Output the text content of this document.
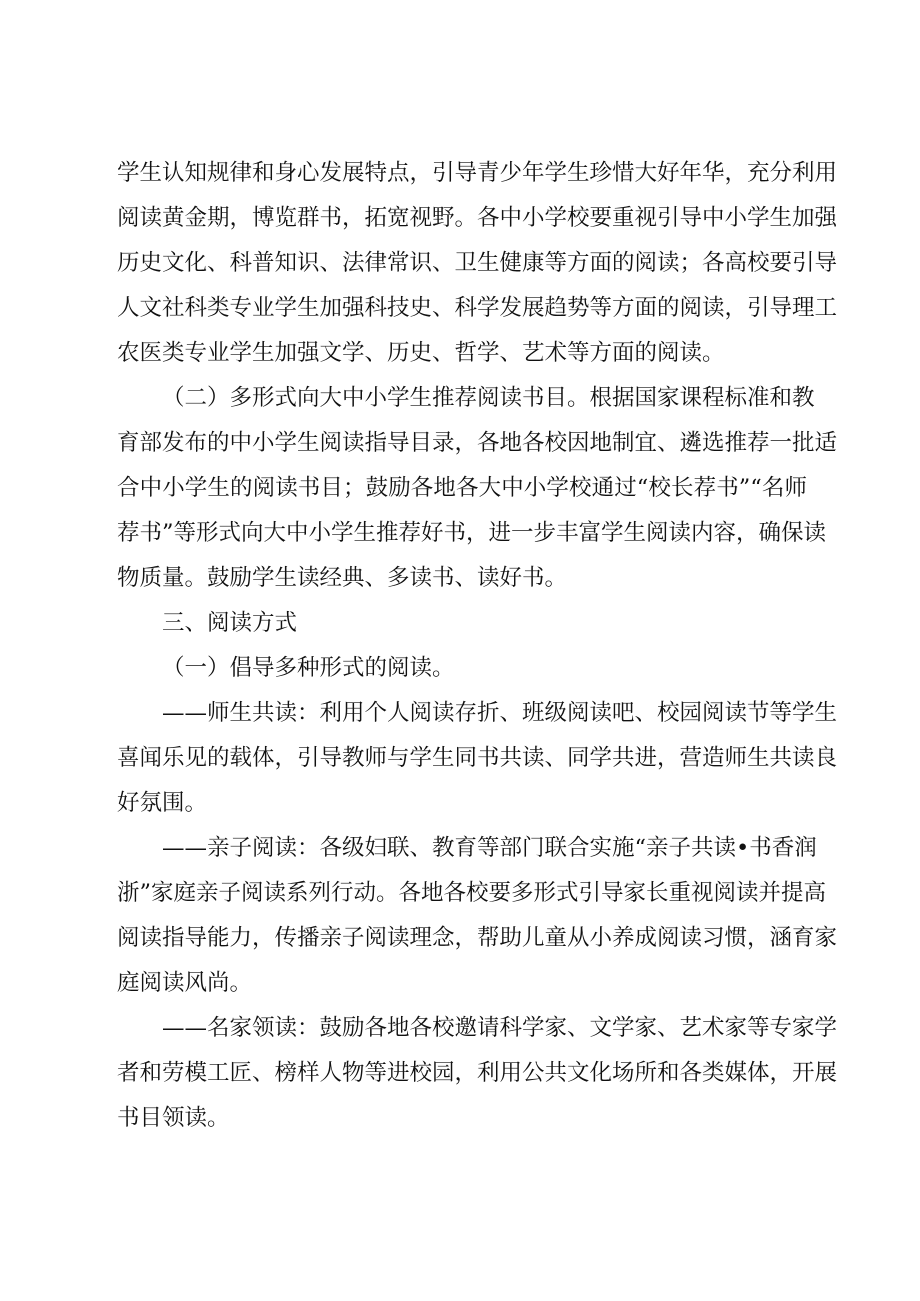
学生认知规律和身心发展特点，引导青少年学生珍惜大好年华，充分利用
阅读黄金期，博览群书，拓宽视野。各中小学校要重视引导中小学生加强
历史文化、科普知识、法律常识、卫生健康等方面的阅读；各高校要引导
人文社科类专业学生加强科技史、科学发展趋势等方面的阅读，引导理工
农医类专业学生加强文学、历史、哲学、艺术等方面的阅读。
（二）多形式向大中小学生推荐阅读书目。根据国家课程标准和教
育部发布的中小学生阅读指导目录，各地各校因地制宜、遴选推荐一批适
合中小学生的阅读书目；鼓励各地各大中小学校通过“校长荐书”“名师
荐书”等形式向大中小学生推荐好书，进一步丰富学生阅读内容，确保读
物质量。鼓励学生读经典、多读书、读好书。
三、阅读方式
（一）倡导多种形式的阅读。
——师生共读：利用个人阅读存折、班级阅读吧、校园阅读节等学生
喜闻乐见的载体，引导教师与学生同书共读、同学共进，营造师生共读良
好氛围。
——亲子阅读：各级妇联、教育等部门联合实施“亲子共读•书香润
浙”家庭亲子阅读系列行动。各地各校要多形式引导家长重视阅读并提高
阅读指导能力，传播亲子阅读理念，帮助儿童从小养成阅读习惯，涵育家
庭阅读风尚。
——名家领读：鼓励各地各校邀请科学家、文学家、艺术家等专家学
者和劳模工匠、榜样人物等进校园，利用公共文化场所和各类媒体，开展
书目领读。
